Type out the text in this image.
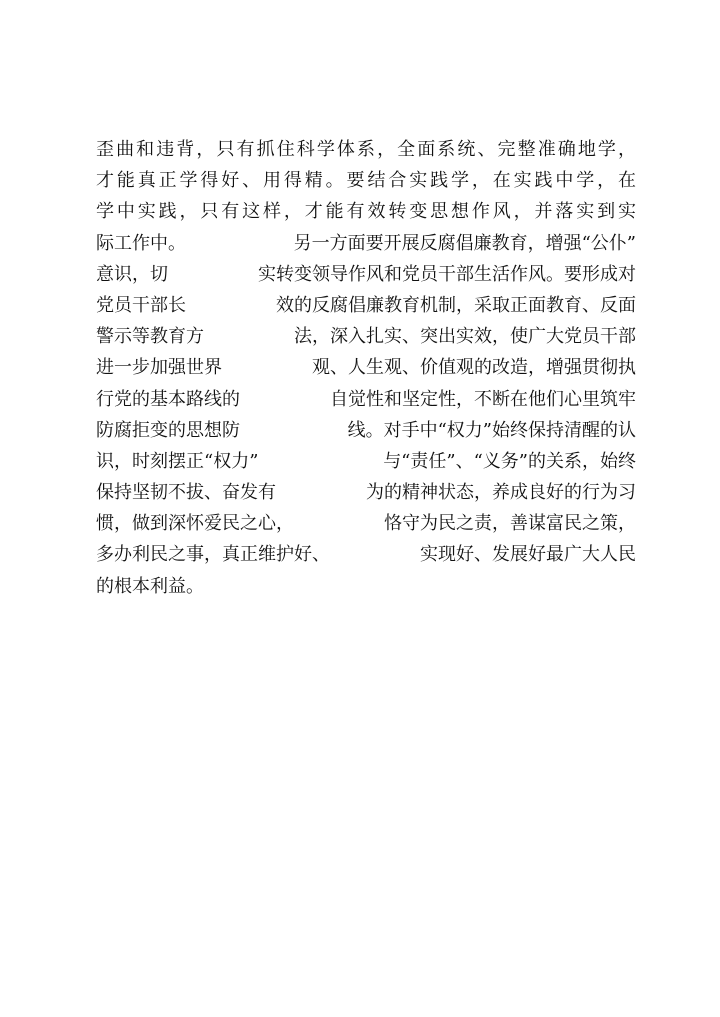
歪曲和违背，只有抓住科学体系，全面系统、完整准确地学，
才能真正学得好、用得精。要结合实践学，在实践中学，在
学中实践，只有这样，才能有效转变思想作风，并落实到实
际工作中。	另一方面要开展反腐倡廉教育，增强“公仆”
意识，切	实转变领导作风和党员干部生活作风。要形成对
党员干部长	效的反腐倡廉教育机制，采取正面教育、反面
警示等教育方	法，深入扎实、突出实效，使广大党员干部
进一步加强世界	观、人生观、价值观的改造，增强贯彻执
行党的基本路线的	自觉性和坚定性，不断在他们心里筑牢
防腐拒变的思想防	线。对手中“权力”始终保持清醒的认
识，时刻摆正“权力”	与“责任”、“义务”的关系，始终
保持坚韧不拔、奋发有	为的精神状态，养成良好的行为习
惯，做到深怀爱民之心，	恪守为民之责，善谋富民之策，
多办利民之事，真正维护好、	实现好、发展好最广大人民
的根本利益。
